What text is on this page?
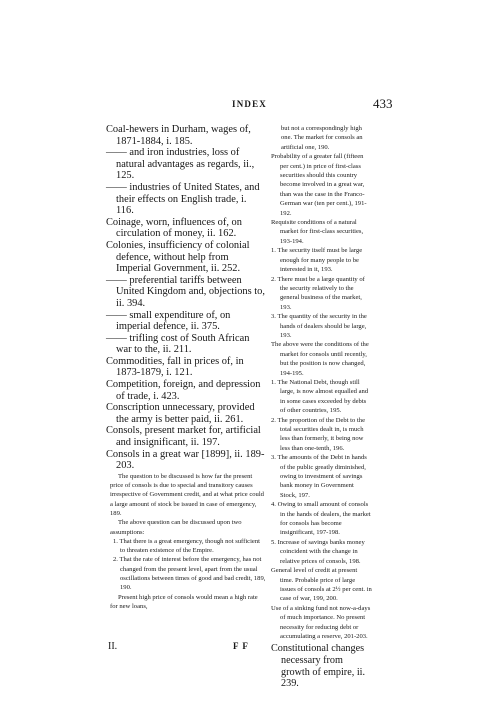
INDEX	433

Coal-hewers in Durham, wages of, 1871-1884, i. 185.

—— and iron industries, loss of natural advantages as regards, ii., 125.

—— industries of United States, and their effects on English trade, i. 116.

Coinage, worn, influences of, on circulation of money, ii. 162.

Colonies, insufficiency of colonial defence, without help from Imperial Government, ii. 252.

—— preferential tariffs between United Kingdom and, objections to, ii. 394.

—— small expenditure of, on imperial defence, ii. 375.

—— trifling cost of South African war to the, ii. 211.

Commodities, fall in prices of, in 1873-1879, i. 121.

Competition, foreign, and depression of trade, i. 423.

Conscription unnecessary, provided the army is better paid, ii. 261.

Consols, present market for, artificial and insignificant, ii. 197.

Consols in a great war [1899], ii. 189-203.

The question to be discussed is how far the present price of consols is due to special and transitory causes irrespective of Government credit, and at what price could a large amount of stock be issued in case of emergency, 189.

The above question can be discussed upon two assumptions:

1. That there is a great emergency, though not sufficient to threaten existence of the Empire.

2. That the rate of interest before the emergency, has not changed from the present level, apart from the usual oscillations between times of good and bad credit, 189, 190.

Present high price of consols would mean a high rate for new loans,

but not a correspondingly high one. The market for consols an artificial one, 190.

Probability of a greater fall (fifteen per cent.) in price of first-class securities should this country become involved in a great war, than was the case in the Franco-German war (ten per cent.), 191-192.

Requisite conditions of a natural market for first-class securities, 193-194.

1. The security itself must be large enough for many people to be interested in it, 193.

2. There must be a large quantity of the security relatively to the general business of the market, 193.

3. The quantity of the security in the hands of dealers should be large, 193.

The above were the conditions of the market for consols until recently, but the position is now changed, 194-195.

1. The National Debt, though still large, is now almost equalled and in some cases exceeded by debts of other countries, 195.

2. The proportion of the Debt to the total securities dealt in, is much less than formerly, it being now less than one-tenth, 196.

3. The amounts of the Debt in hands of the public greatly diminished, owing to investment of savings bank money in Government Stock, 197.

4. Owing to small amount of consols in the hands of dealers, the market for consols has become insignificant, 197-198.

5. Increase of savings banks money coincident with the change in relative prices of consols, 198.

General level of credit at present time. Probable price of large issues of consols at 2½ per cent. in case of war, 199, 200.

Use of a sinking fund not now-a-days of much importance. No present necessity for reducing debt or accumulating a reserve, 201-203.

Constitutional changes necessary from growth of empire, ii. 239.

II.	F F
